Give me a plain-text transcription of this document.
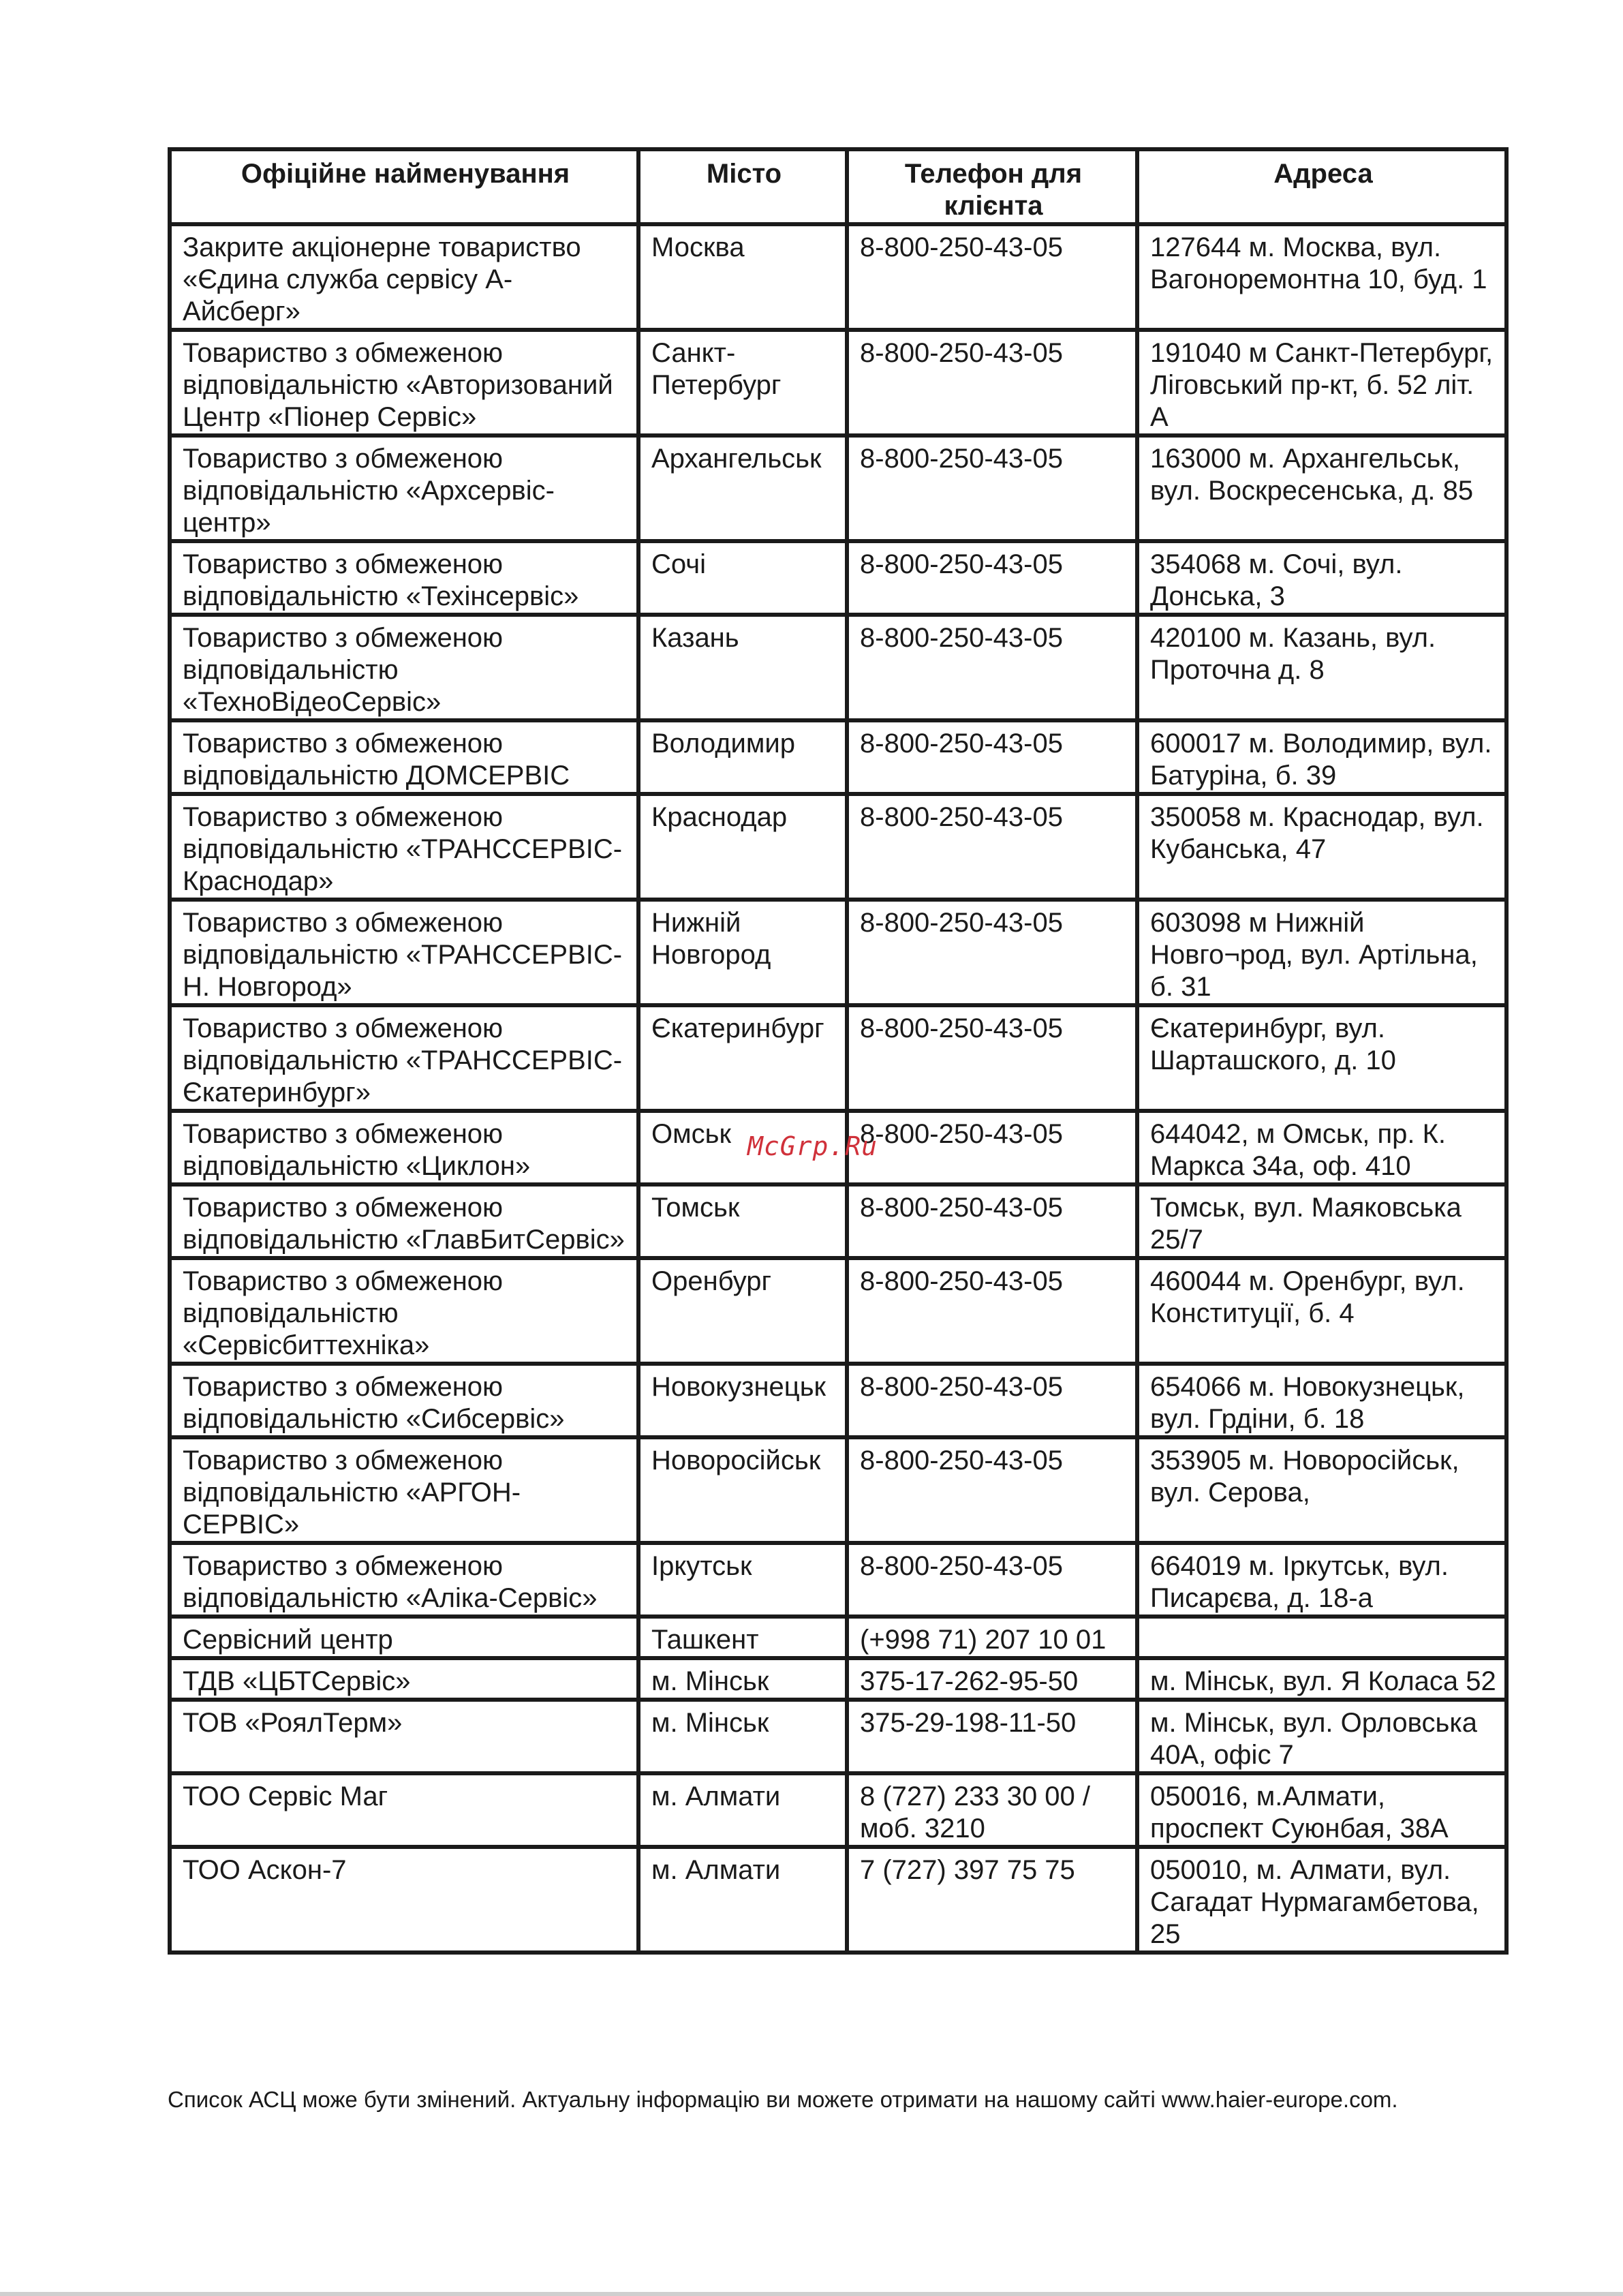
Офіційне найменування	Місто	Телефон для клієнта	Адреса
Закрите акціонерне товариство «Єдина служба сервісу А-Айсберг»	Москва	8-800-250-43-05	127644 м. Москва, вул. Вагоноремонтна 10, буд. 1
Товариство з обмеженою відповідальністю «Авторизований Центр «Піонер Сервіс»	Санкт-Петербург	8-800-250-43-05	191040 м Санкт-Петербург, Ліговський пр-кт, б. 52 літ. А
Товариство з обмеженою відповідальністю «Архсервіс-центр»	Архангельськ	8-800-250-43-05	163000 м. Архангельськ, вул. Воскресенська, д. 85
Товариство з обмеженою відповідальністю «Техінсервіс»	Сочі	8-800-250-43-05	354068 м. Сочі, вул. Донська, 3
Товариство з обмеженою відповідальністю «ТехноВідеоСервіс»	Казань	8-800-250-43-05	420100 м. Казань, вул. Проточна д. 8
Товариство з обмеженою відповідальністю ДОМСЕРВІС	Володимир	8-800-250-43-05	600017 м. Володимир, вул. Батуріна, б. 39
Товариство з обмеженою відповідальністю «ТРАНССЕРВІС- Краснодар»	Краснодар	8-800-250-43-05	350058 м. Краснодар, вул. Кубанська, 47
Товариство з обмеженою відповідальністю «ТРАНССЕРВІС-Н. Новгород»	Нижній Новгород	8-800-250-43-05	603098 м Нижній Новго¬род, вул. Артільна, б. 31
Товариство з обмеженою відповідальністю «ТРАНССЕРВІС-Єкатеринбург»	Єкатеринбург	8-800-250-43-05	Єкатеринбург, вул. Шарташского, д. 10
Товариство з обмеженою відповідальністю «Циклон»	Омськ	8-800-250-43-05	644042, м Омськ, пр. К. Маркса 34а, оф. 410
Товариство з обмеженою відповідальністю «ГлавБитСервіс»	Томськ	8-800-250-43-05	Томськ, вул. Маяковська 25/7
Товариство з обмеженою відповідальністю «Сервісбиттехніка»	Оренбург	8-800-250-43-05	460044 м. Оренбург, вул. Конституції, б. 4
Товариство з обмеженою відповідальністю «Сибсервіс»	Новокузнецьк	8-800-250-43-05	654066 м. Новокузнецьк, вул. Грдіни, б. 18
Товариство з обмеженою відповідальністю «АРГОН-СЕРВІС»	Новоросійськ	8-800-250-43-05	353905 м. Новоросійськ, вул. Серова,
Товариство з обмеженою відповідальністю «Аліка-Сервіс»	Іркутськ	8-800-250-43-05	664019 м. Іркутськ, вул. Писарєва, д. 18-а
Сервісний центр	Ташкент	(+998 71) 207 10 01	
ТДВ «ЦБТСервіс»	м. Мінськ	375-17-262-95-50	м. Мінськ, вул. Я Коласа 52
ТОВ «РоялТерм»	м. Мінськ	375-29-198-11-50	м. Мінськ, вул. Орловська 40А, офіс 7
ТОО Сервіс Маг	м. Алмати	8 (727) 233 30 00 / моб. 3210	050016, м.Алмати, проспект Суюнбая, 38А
ТОО Аскон-7	м. Алмати	7 (727) 397 75 75	050010, м. Алмати, вул. Сагадат Нурмагамбетова, 25
McGrp.Ru
Список АСЦ може бути змінений. Актуальну інформацію ви можете отримати на нашому сайті www.haier-europe.com.
